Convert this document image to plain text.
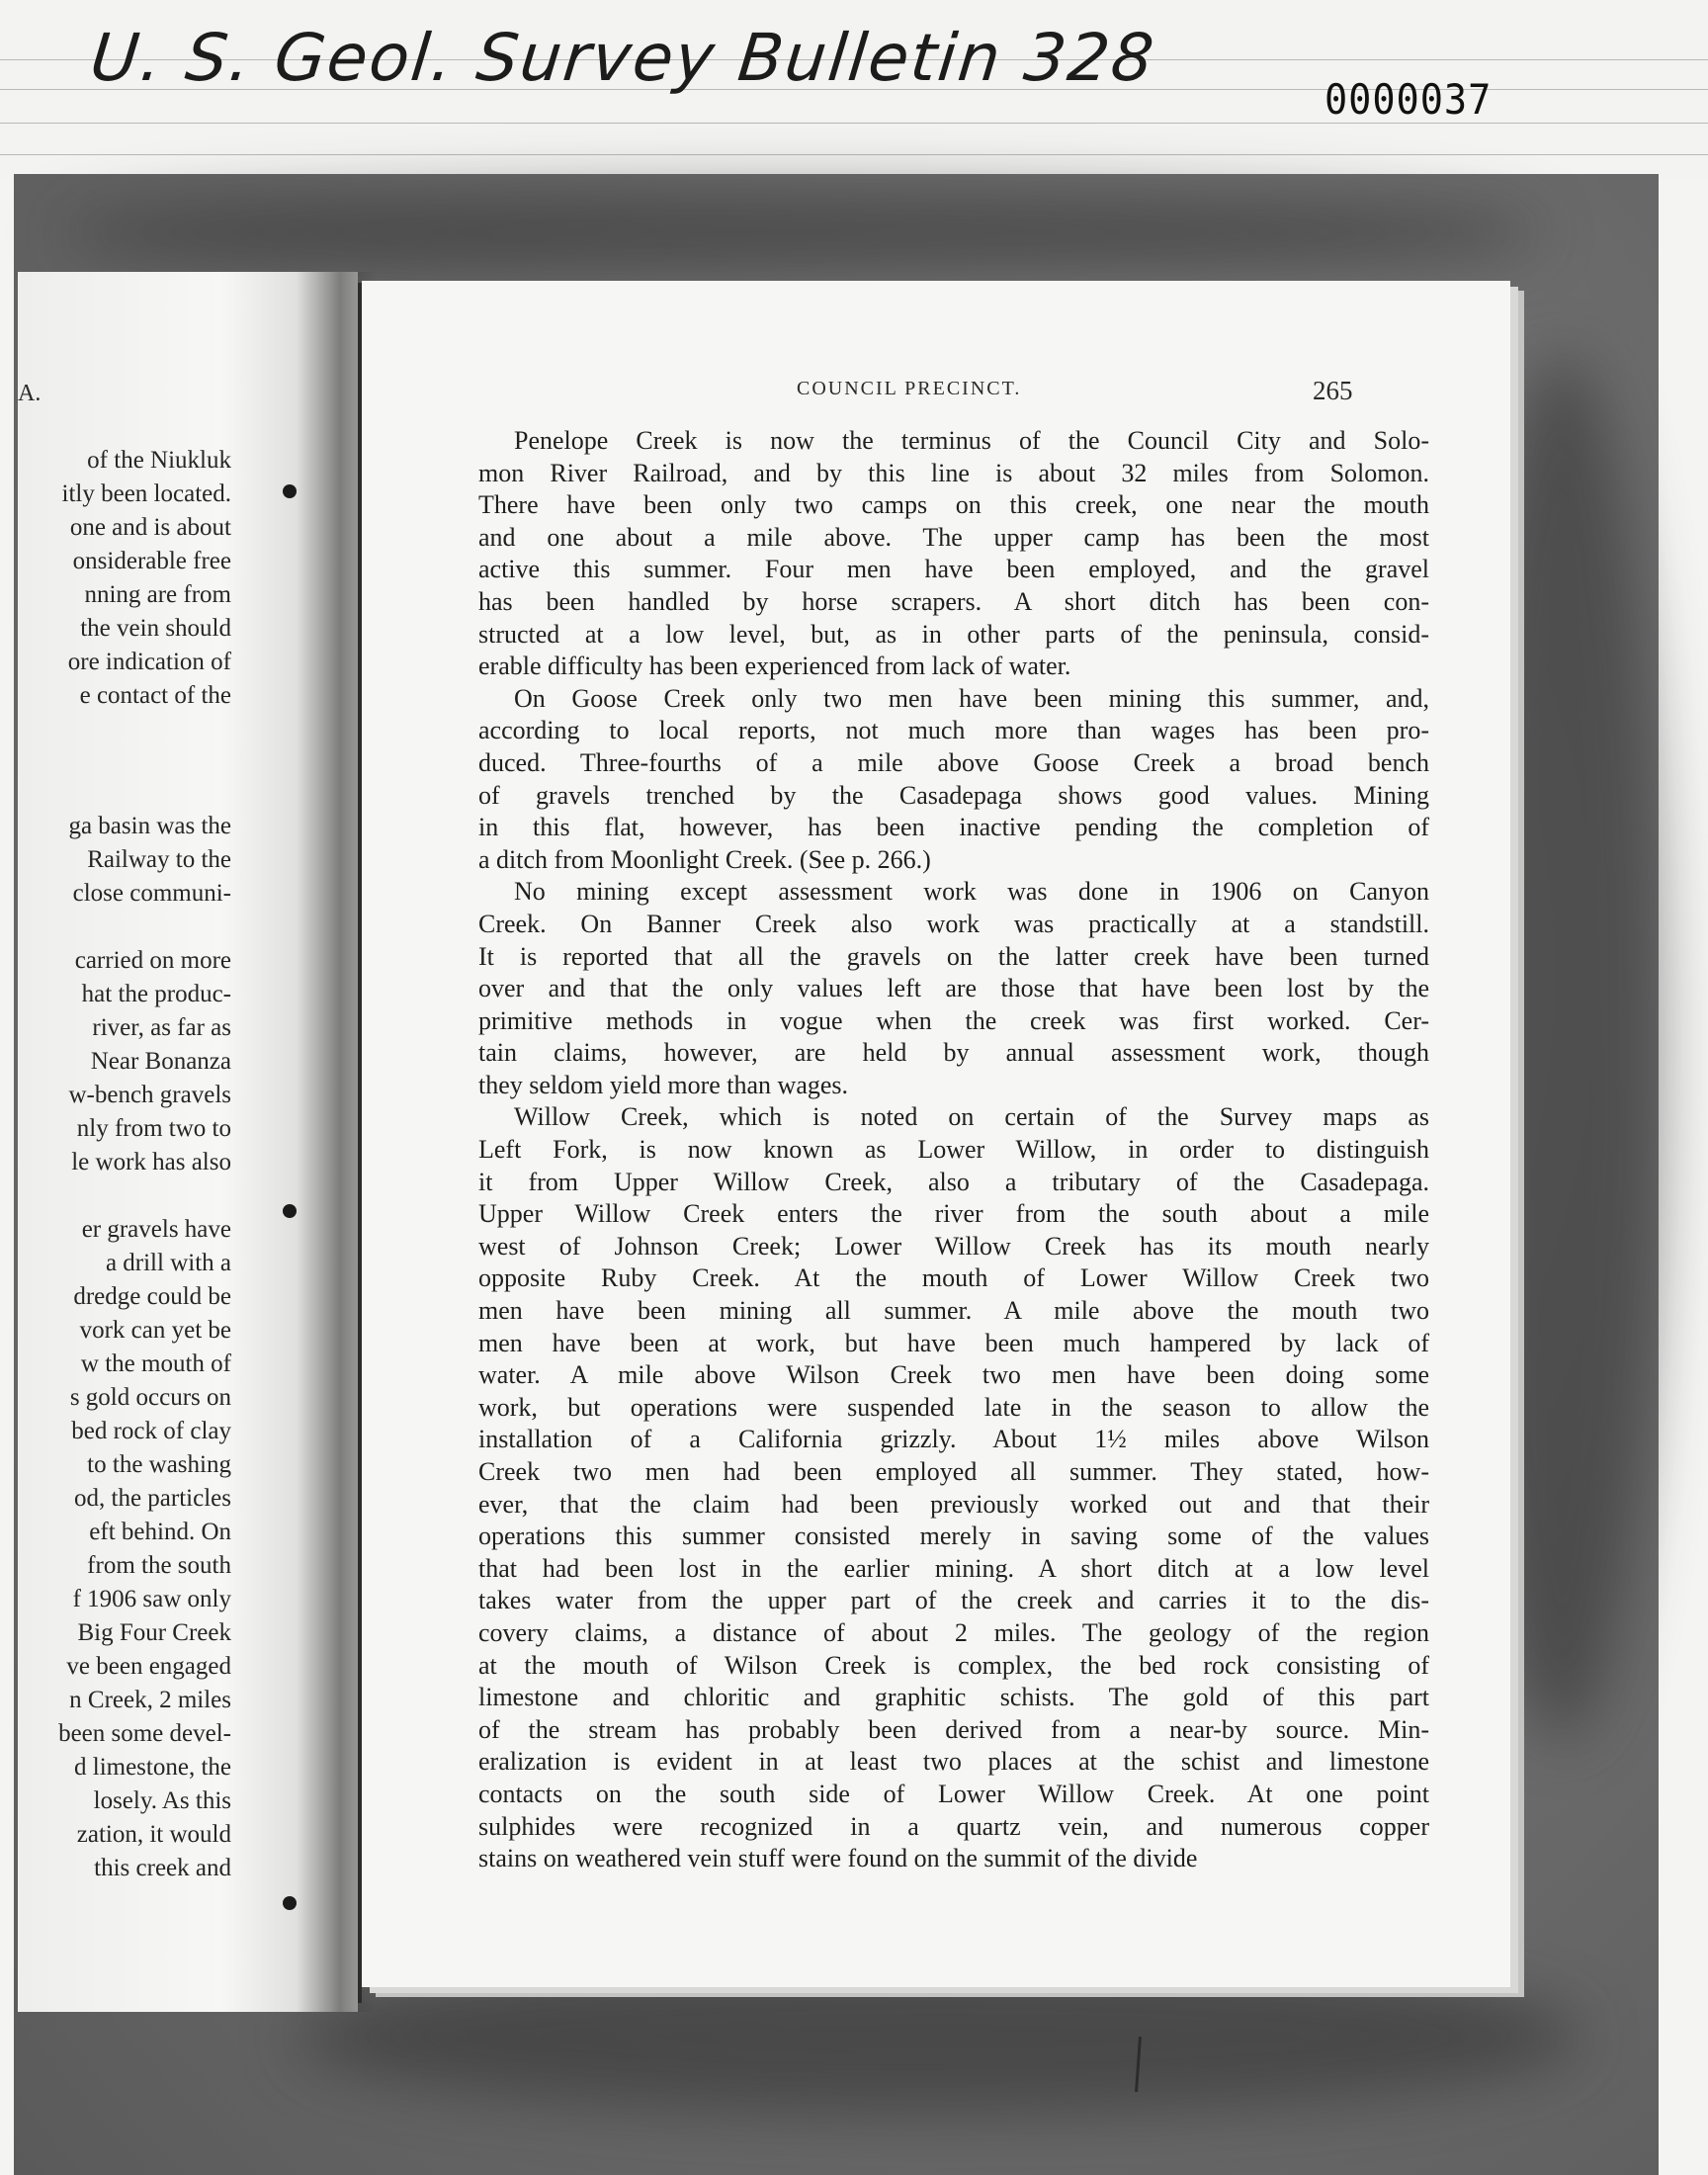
U. S. Geol. Survey Bulletin 328
0000037
A.
of the Niukluk
itly been located.
one and is about
onsiderable free
nning are from
the vein should
ore indication of
e contact of the
ga basin was the
Railway to the
close communi-
carried on more
hat the produc-
river, as far as
Near Bonanza
w-bench gravels
nly from two to
le work has also
er gravels have
a drill with a
dredge could be
vork can yet be
w the mouth of
s gold occurs on
bed rock of clay
to the washing
od, the particles
eft behind. On
from the south
f 1906 saw only
Big Four Creek
ve been engaged
n Creek, 2 miles
been some devel-
d limestone, the
losely. As this
zation, it would
this creek and
COUNCIL PRECINCT.	265
Penelope Creek is now the terminus of the Council City and Solo-
mon River Railroad, and by this line is about 32 miles from Solomon.
There have been only two camps on this creek, one near the mouth
and one about a mile above. The upper camp has been the most
active this summer. Four men have been employed, and the gravel
has been handled by horse scrapers. A short ditch has been con-
structed at a low level, but, as in other parts of the peninsula, consid-
erable difficulty has been experienced from lack of water.
On Goose Creek only two men have been mining this summer, and,
according to local reports, not much more than wages has been pro-
duced. Three-fourths of a mile above Goose Creek a broad bench
of gravels trenched by the Casadepaga shows good values. Mining
in this flat, however, has been inactive pending the completion of
a ditch from Moonlight Creek. (See p. 266.)
No mining except assessment work was done in 1906 on Canyon
Creek. On Banner Creek also work was practically at a standstill.
It is reported that all the gravels on the latter creek have been turned
over and that the only values left are those that have been lost by the
primitive methods in vogue when the creek was first worked. Cer-
tain claims, however, are held by annual assessment work, though
they seldom yield more than wages.
Willow Creek, which is noted on certain of the Survey maps as
Left Fork, is now known as Lower Willow, in order to distinguish
it from Upper Willow Creek, also a tributary of the Casadepaga.
Upper Willow Creek enters the river from the south about a mile
west of Johnson Creek; Lower Willow Creek has its mouth nearly
opposite Ruby Creek. At the mouth of Lower Willow Creek two
men have been mining all summer. A mile above the mouth two
men have been at work, but have been much hampered by lack of
water. A mile above Wilson Creek two men have been doing some
work, but operations were suspended late in the season to allow the
installation of a California grizzly. About 1½ miles above Wilson
Creek two men had been employed all summer. They stated, how-
ever, that the claim had been previously worked out and that their
operations this summer consisted merely in saving some of the values
that had been lost in the earlier mining. A short ditch at a low level
takes water from the upper part of the creek and carries it to the dis-
covery claims, a distance of about 2 miles. The geology of the region
at the mouth of Wilson Creek is complex, the bed rock consisting of
limestone and chloritic and graphitic schists. The gold of this part
of the stream has probably been derived from a near-by source. Min-
eralization is evident in at least two places at the schist and limestone
contacts on the south side of Lower Willow Creek. At one point
sulphides were recognized in a quartz vein, and numerous copper
stains on weathered vein stuff were found on the summit of the divide
